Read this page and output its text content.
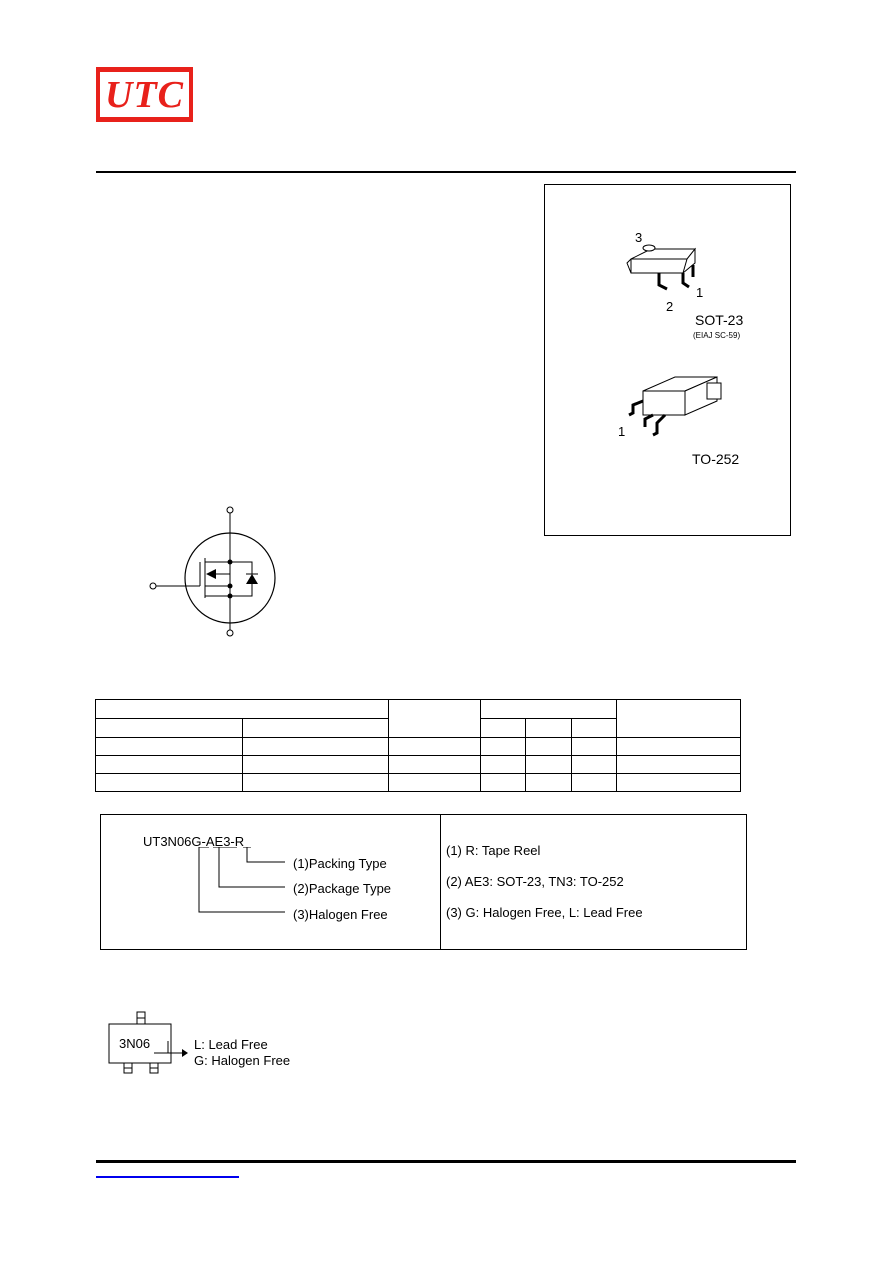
UTC
3
2
1
SOT-23
(EIAJ SC-59)
1
TO-252

UT3N06G-AE3-R
(1)Packing Type
(2)Package Type
(3)Halogen Free
(1) R: Tape Reel
(2) AE3: SOT-23, TN3: TO-252
(3) G: Halogen Free, L: Lead Free
3N06	L: Lead Free
G: Halogen Free
